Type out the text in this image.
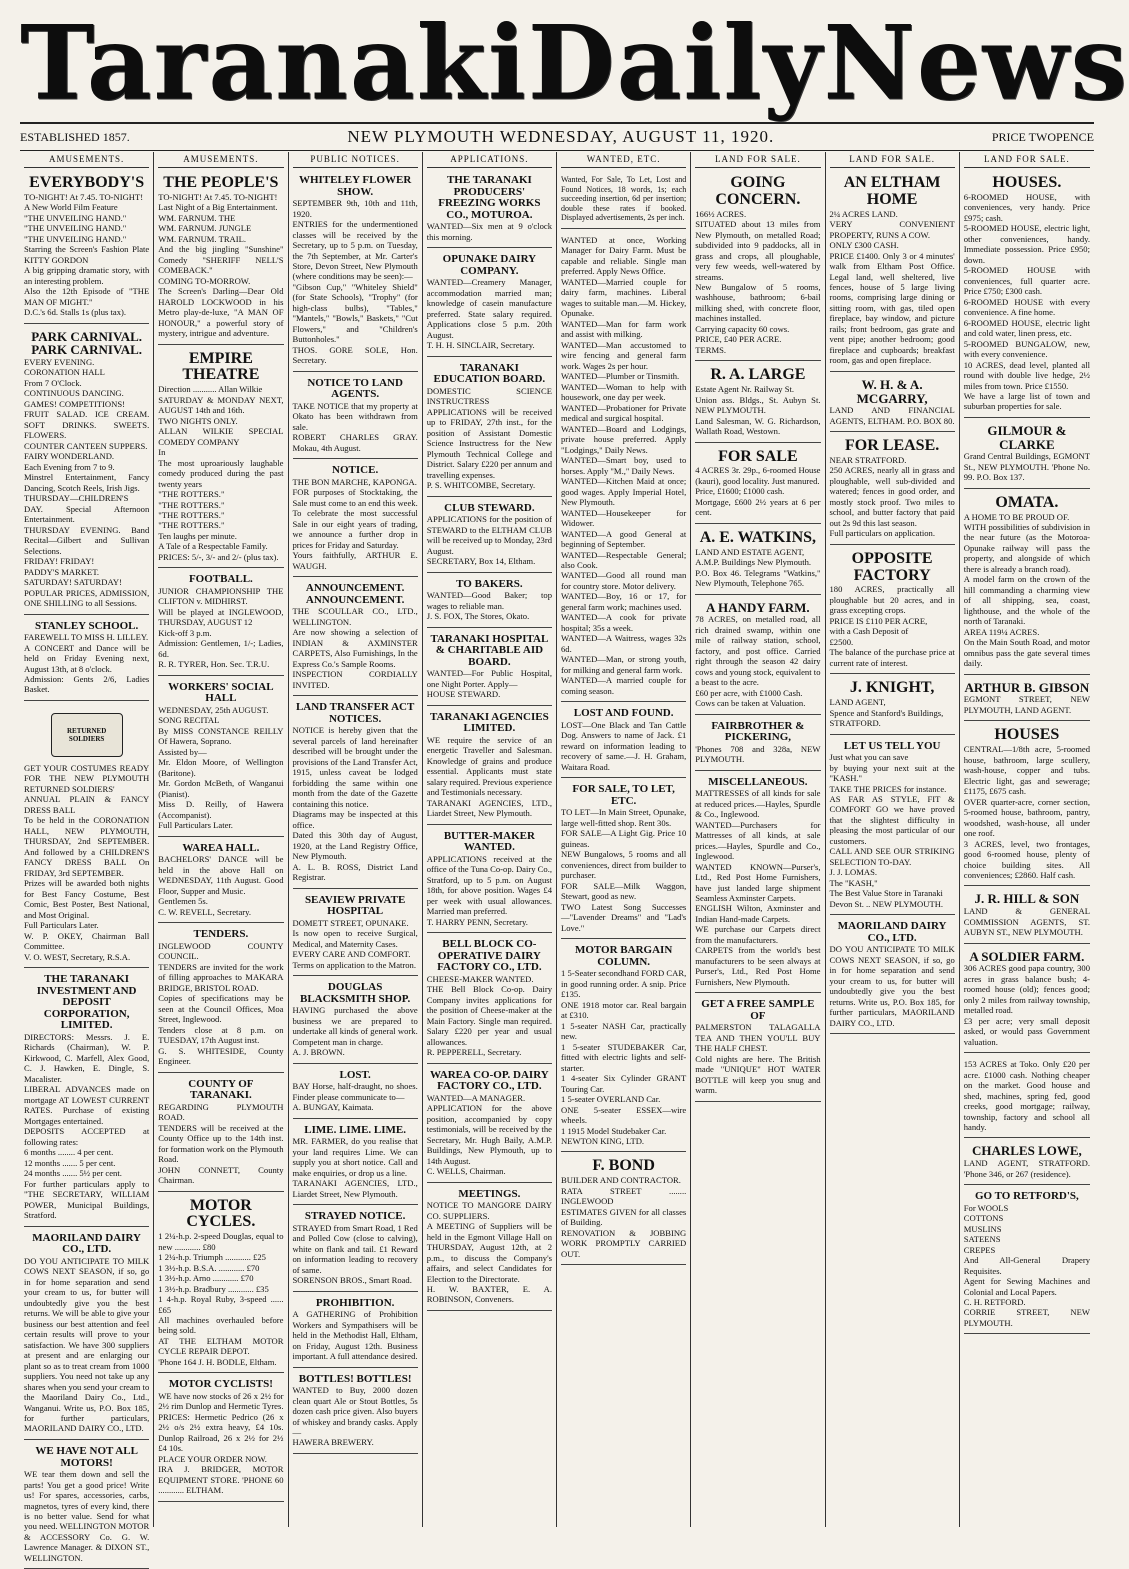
Taranaki Daily News
ESTABLISHED 1857.	NEW PLYMOUTH WEDNESDAY, AUGUST 11, 1920.	PRICE TWOPENCE
AMUSEMENTS.
EVERYBODY'S
TO-NIGHT! At 7.45. TO-NIGHT!
A New World Film Feature
"THE UNVEILING HAND."
"THE UNVEILING HAND."
"THE UNVEILING HAND."
Starring the Screen's Fashion Plate KITTY GORDON
A big gripping dramatic story, with an interesting problem.
Also the 12th Episode of "THE MAN OF MIGHT."
D.C.'s 6d. Stalls 1s (plus tax).
PARK CARNIVAL. PARK CARNIVAL.
EVERY EVENING.
CORONATION HALL
From 7 O'Clock.
CONTINUOUS DANCING.
GAMES! COMPETITIONS!
FRUIT SALAD. ICE CREAM. SOFT DRINKS. SWEETS. FLOWERS.
COUNTER CANTEEN SUPPERS.
FAIRY WONDERLAND.
Each Evening from 7 to 9.
Minstrel Entertainment, Fancy Dancing, Scotch Reels, Irish Jigs.
THURSDAY—CHILDREN'S DAY. Special Afternoon Entertainment.
THURSDAY EVENING. Band Recital—Gilbert and Sullivan Selections.
FRIDAY! FRIDAY!
PADDY'S MARKET.
SATURDAY! SATURDAY!
POPULAR PRICES, ADMISSION, ONE SHILLING to all Sessions.
STANLEY SCHOOL.
FAREWELL TO MISS H. LILLEY.
A CONCERT and Dance will be held on Friday Evening next, August 13th, at 8 o'clock.
Admission: Gents 2/6, Ladies Basket.
RETURNED SOLDIERS
GET YOUR COSTUMES READY FOR THE NEW PLYMOUTH RETURNED SOLDIERS'
ANNUAL PLAIN & FANCY DRESS BALL
To be held in the CORONATION HALL, NEW PLYMOUTH, THURSDAY, 2nd SEPTEMBER. And followed by a CHILDREN'S FANCY DRESS BALL On FRIDAY, 3rd SEPTEMBER.
Prizes will be awarded both nights for Best Fancy Costume, Best Comic, Best Poster, Best National, and Most Original.
Full Particulars Later.
W. P. OKEY, Chairman Ball Committee.
V. O. WEST, Secretary, R.S.A.
THE TARANAKI INVESTMENT AND DEPOSIT CORPORATION, LIMITED.
DIRECTORS: Messrs. J. E. Richards (Chairman), W. P. Kirkwood, C. Marfell, Alex Good, C. J. Hawken, E. Dingle, S. Macalister.
LIBERAL ADVANCES made on mortgage AT LOWEST CURRENT RATES. Purchase of existing Mortgages entertained.
DEPOSITS ACCEPTED at following rates:
6 months ........ 4 per cent.
12 months ....... 5 per cent.
24 months ....... 5½ per cent.
For further particulars apply to "THE SECRETARY, WILLIAM POWER, Municipal Buildings, Stratford.
MAORILAND DAIRY CO., LTD.
DO YOU ANTICIPATE TO MILK COWS NEXT SEASON, if so, go in for home separation and send your cream to us, for butter will undoubtedly give you the best returns. We will be able to give your business our best attention and feel certain results will prove to your satisfaction. We have 300 suppliers at present and are enlarging our plant so as to treat cream from 1000 suppliers. You need not take up any shares when you send your cream to the Maoriland Dairy Co., Ltd., Wanganui. Write us, P.O. Box 185, for further particulars, MAORILAND DAIRY CO., LTD.
WE HAVE NOT ALL MOTORS!
WE tear them down and sell the parts! You get a good price! Write us! For spares, accessories, carbs, magnetos, tyres of every kind, there is no better value. Send for what you need. WELLINGTON MOTOR & ACCESSORY Co. G. W. Lawrence Manager. & DIXON ST., WELLINGTON.
AMUSEMENTS.
THE PEOPLE'S
TO-NIGHT! At 7.45. TO-NIGHT!
Last Night of a Big Entertainment.
WM. FARNUM. THE
WM. FARNUM. JUNGLE
WM. FARNUM. TRAIL.
And the big jingling "Sunshine" Comedy "SHERIFF NELL'S COMEBACK."
COMING TO-MORROW.
The Screen's Darling—Dear Old HAROLD LOCKWOOD in his Metro play-de-luxe, "A MAN OF HONOUR," a powerful story of mystery, intrigue and adventure.
EMPIRE THEATRE
Direction ........... Allan Wilkie
SATURDAY & MONDAY NEXT, AUGUST 14th and 16th.
TWO NIGHTS ONLY.
ALLAN WILKIE SPECIAL COMEDY COMPANY
In
The most uproariously laughable comedy produced during the past twenty years
"THE ROTTERS."
"THE ROTTERS."
"THE ROTTERS."
"THE ROTTERS."
Ten laughs per minute.
A Tale of a Respectable Family.
PRICES: 5/-, 3/- and 2/- (plus tax).
FOOTBALL.
JUNIOR CHAMPIONSHIP THE CLIFTON v. MIDHIRST.
Will be played at INGLEWOOD, THURSDAY, AUGUST 12
Kick-off 3 p.m.
Admission: Gentlemen, 1/-; Ladies, 6d.
R. R. TYRER, Hon. Sec. T.R.U.
WORKERS' SOCIAL HALL
WEDNESDAY, 25th AUGUST.
SONG RECITAL
By MISS CONSTANCE REILLY Of Hawera, Soprano.
Assisted by—
Mr. Eldon Moore, of Wellington (Baritone).
Mr. Gordon McBeth, of Wanganui (Pianist).
Miss D. Reilly, of Hawera (Accompanist).
Full Particulars Later.
WAREA HALL.
BACHELORS' DANCE will be held in the above Hall on WEDNESDAY, 11th August. Good Floor, Supper and Music.
Gentlemen 5s.
C. W. REVELL, Secretary.
TENDERS.
INGLEWOOD COUNTY COUNCIL.
TENDERS are invited for the work of filling approaches to MAKARA BRIDGE, BRISTOL ROAD.
Copies of specifications may be seen at the Council Offices, Moa Street, Inglewood.
Tenders close at 8 p.m. on TUESDAY, 17th August inst.
G. S. WHITESIDE, County Engineer.
COUNTY OF TARANAKI.
REGARDING PLYMOUTH ROAD.
TENDERS will be received at the County Office up to the 14th inst. for formation work on the Plymouth Road.
JOHN CONNETT, County Chairman.
MOTOR CYCLES.
1 2¼-h.p. 2-speed Douglas, equal to new ............ £80
1 2¼-h.p. Triumph ............ £25
1 3½-h.p. B.S.A. ............ £70
1 3½-h.p. Arno ............ £70
1 3½-h.p. Bradbury ............ £35
1 4-h.p. Royal Ruby, 3-speed ...... £65
All machines overhauled before being sold.
AT THE ELTHAM MOTOR CYCLE REPAIR DEPOT.
'Phone 164 J. H. BODLE, Eltham.
MOTOR CYCLISTS!
WE have now stocks of 26 x 2½ for 2½ rim Dunlop and Hermetic Tyres. PRICES: Hermetic Pedrico (26 x 2½ o/s 2½ extra heavy, £4 10s. Dunlop Railroad, 26 x 2½ for 2½ £4 10s.
PLACE YOUR ORDER NOW.
IRA J. BRIDGER, MOTOR EQUIPMENT STORE. 'PHONE 60 ............ ELTHAM.
PUBLIC NOTICES.
WHITELEY FLOWER SHOW.
SEPTEMBER 9th, 10th and 11th, 1920.
ENTRIES for the undermentioned classes will be received by the Secretary, up to 5 p.m. on Tuesday, the 7th September, at Mr. Carter's Store, Devon Street, New Plymouth (where conditions may be seen):—
"Gibson Cup," "Whiteley Shield" (for State Schools), "Trophy" (for high-class bulbs), "Tables," "Mantels," "Bowls," Baskets," "Cut Flowers," and "Children's Buttonholes."
THOS. GORE SOLE, Hon. Secretary.
NOTICE TO LAND AGENTS.
TAKE NOTICE that my property at Okato has been withdrawn from sale.
ROBERT CHARLES GRAY. Mokau, 4th August.
NOTICE.
THE BON MARCHE, KAPONGA.
FOR purposes of Stocktaking, the Sale must come to an end this week. To celebrate the most successful Sale in our eight years of trading, we announce a further drop in prices for Friday and Saturday.
Yours faithfully, ARTHUR E. WAUGH.
ANNOUNCEMENT. ANNOUNCEMENT.
THE SCOULLAR CO., LTD., WELLINGTON.
Are now showing a selection of INDIAN & AXMINSTER CARPETS, Also Furnishings, In the Express Co.'s Sample Rooms.
INSPECTION CORDIALLY INVITED.
LAND TRANSFER ACT NOTICES.
NOTICE is hereby given that the several parcels of land hereinafter described will be brought under the provisions of the Land Transfer Act, 1915, unless caveat be lodged forbidding the same within one month from the date of the Gazette containing this notice.
Diagrams may be inspected at this office.
Dated this 30th day of August, 1920, at the Land Registry Office, New Plymouth.
A. L. B. ROSS, District Land Registrar.
SEAVIEW PRIVATE HOSPITAL
DOMETT STREET, OPUNAKE.
Is now open to receive Surgical, Medical, and Maternity Cases.
EVERY CARE AND COMFORT.
Terms on application to the Matron.
DOUGLAS BLACKSMITH SHOP.
HAVING purchased the above business we are prepared to undertake all kinds of general work. Competent man in charge.
A. J. BROWN.
LOST.
BAY Horse, half-draught, no shoes. Finder please communicate to—
A. BUNGAY, Kaimata.
LIME. LIME. LIME.
MR. FARMER, do you realise that your land requires Lime. We can supply you at short notice. Call and make enquiries, or drop us a line.
TARANAKI AGENCIES, LTD., Liardet Street, New Plymouth.
STRAYED NOTICE.
STRAYED from Smart Road, 1 Red and Polled Cow (close to calving), white on flank and tail. £1 Reward on information leading to recovery of same.
SORENSON BROS., Smart Road.
PROHIBITION.
A GATHERING of Prohibition Workers and Sympathisers will be held in the Methodist Hall, Eltham, on Friday, August 12th. Business important. A full attendance desired.
BOTTLES! BOTTLES!
WANTED to Buy, 2000 dozen clean quart Ale or Stout Bottles, 5s dozen cash price given. Also buyers of whiskey and brandy casks. Apply—
HAWERA BREWERY.
APPLICATIONS.
THE TARANAKI PRODUCERS' FREEZING WORKS CO., MOTUROA.
WANTED—Six men at 9 o'clock this morning.
OPUNAKE DAIRY COMPANY.
WANTED—Creamery Manager, accommodation married man; knowledge of casein manufacture preferred. State salary required. Applications close 5 p.m. 20th August.
T. H. H. SINCLAIR, Secretary.
TARANAKI EDUCATION BOARD.
DOMESTIC SCIENCE INSTRUCTRESS
APPLICATIONS will be received up to FRIDAY, 27th inst., for the position of Assistant Domestic Science Instructress for the New Plymouth Technical College and District. Salary £220 per annum and travelling expenses.
P. S. WHITCOMBE, Secretary.
CLUB STEWARD.
APPLICATIONS for the position of STEWARD to the ELTHAM CLUB will be received up to Monday, 23rd August.
SECRETARY, Box 14, Eltham.
TO BAKERS.
WANTED—Good Baker; top wages to reliable man.
J. S. FOX, The Stores, Okato.
TARANAKI HOSPITAL & CHARITABLE AID BOARD.
WANTED—For Public Hospital, one Night Porter. Apply—
HOUSE STEWARD.
TARANAKI AGENCIES LIMITED.
WE require the service of an energetic Traveller and Salesman. Knowledge of grains and produce essential. Applicants must state salary required. Previous experience and Testimonials necessary.
TARANAKI AGENCIES, LTD., Liardet Street, New Plymouth.
BUTTER-MAKER WANTED.
APPLICATIONS received at the office of the Tuna Co-op. Dairy Co., Stratford, up to 5 p.m. on August 18th, for above position. Wages £4 per week with usual allowances. Married man preferred.
T. HARRY PENN, Secretary.
BELL BLOCK CO-OPERATIVE DAIRY FACTORY CO., LTD.
CHEESE-MAKER WANTED.
THE Bell Block Co-op. Dairy Company invites applications for the position of Cheese-maker at the Main Factory. Single man required. Salary £220 per year and usual allowances.
R. PEPPERELL, Secretary.
WAREA CO-OP. DAIRY FACTORY CO., LTD.
WANTED—A MANAGER.
APPLICATION for the above position, accompanied by copy testimonials, will be received by the Secretary, Mr. Hugh Baily, A.M.P. Buildings, New Plymouth, up to 14th August.
C. WELLS, Chairman.
MEETINGS.
NOTICE TO MANGORE DAIRY CO. SUPPLIERS.
A MEETING of Suppliers will be held in the Egmont Village Hall on THURSDAY, August 12th, at 2 p.m., to discuss the Company's affairs, and select Candidates for Election to the Directorate.
H. W. BAXTER, E. A. ROBINSON, Conveners.
WANTED, ETC.
Wanted, For Sale, To Let, Lost and Found Notices, 18 words, 1s; each succeeding insertion, 6d per insertion; double these rates if booked. Displayed advertisements, 2s per inch.
WANTED at once, Working Manager for Dairy Farm. Must be capable and reliable. Single man preferred. Apply News Office.
WANTED—Married couple for dairy farm, machines. Liberal wages to suitable man.—M. Hickey, Opunake.
WANTED—Man for farm work and assist with milking.
WANTED—Man accustomed to wire fencing and general farm work. Wages 2s per hour.
WANTED—Plumber or Tinsmith.
WANTED—Woman to help with housework, one day per week.
WANTED—Probationer for Private medical and surgical hospital.
WANTED—Board and Lodgings, private house preferred. Apply "Lodgings," Daily News.
WANTED—Smart boy, used to horses. Apply "M.," Daily News.
WANTED—Kitchen Maid at once; good wages. Apply Imperial Hotel, New Plymouth.
WANTED—Housekeeper for Widower.
WANTED—A good General at beginning of September.
WANTED—Respectable General; also Cook.
WANTED—Good all round man for country store. Motor delivery.
WANTED—Boy, 16 or 17, for general farm work; machines used.
WANTED—A cook for private hospital; 35s a week.
WANTED—A Waitress, wages 32s 6d.
WANTED—Man, or strong youth, for milking and general farm work.
WANTED—A married couple for coming season.
LOST AND FOUND.
LOST—One Black and Tan Cattle Dog. Answers to name of Jack. £1 reward on information leading to recovery of same.—J. H. Graham, Waitara Road.
FOR SALE, TO LET, ETC.
TO LET—In Main Street, Opunake, large well-fitted shop. Rent 30s.
FOR SALE—A Light Gig. Price 10 guineas.
NEW Bungalows, 5 rooms and all conveniences, direct from builder to purchaser.
FOR SALE—Milk Waggon, Stewart, good as new.
TWO Latest Song Successes—"Lavender Dreams" and "Lad's Love."
MOTOR BARGAIN COLUMN.
1 5-Seater secondhand FORD CAR, in good running order. A snip. Price £135.
ONE 1918 motor car. Real bargain at £310.
1 5-seater NASH Car, practically new.
1 5-seater STUDEBAKER Car, fitted with electric lights and self-starter.
1 4-seater Six Cylinder GRANT Touring Car.
1 5-seater OVERLAND Car.
ONE 5-seater ESSEX—wire wheels.
1 1915 Model Studebaker Car.
NEWTON KING, LTD.
F. BOND
BUILDER AND CONTRACTOR.
RATA STREET ........ INGLEWOOD
ESTIMATES GIVEN for all classes of Building.
RENOVATION & JOBBING WORK PROMPTLY CARRIED OUT.
LAND FOR SALE.
GOING CONCERN.
166½ ACRES.
SITUATED about 13 miles from New Plymouth, on metalled Road; subdivided into 9 paddocks, all in grass and crops, all ploughable, very few weeds, well-watered by streams.
New Bungalow of 5 rooms, washhouse, bathroom; 6-bail milking shed, with concrete floor, machines installed.
Carrying capacity 60 cows.
PRICE, £40 PER ACRE.
TERMS.
R. A. LARGE
Estate Agent Nr. Railway St.
Union ass. Bldgs., St. Aubyn St. NEW PLYMOUTH.
Land Salesman, W. G. Richardson, Wallath Road, Westown.
FOR SALE
4 ACRES 3r. 29p., 6-roomed House (kauri), good locality. Just manured.
Price, £1600; £1000 cash.
Mortgage, £600 2½ years at 6 per cent.
A. E. WATKINS,
LAND AND ESTATE AGENT,
A.M.P. Buildings New Plymouth.
P.O. Box 46. Telegrams "Watkins," New Plymouth, Telephone 765.
A HANDY FARM.
78 ACRES, on metalled road, all rich drained swamp, within one mile of railway station, school, factory, and post office. Carried right through the season 42 dairy cows and young stock, equivalent to a beast to the acre.
£60 per acre, with £1000 Cash.
Cows can be taken at Valuation.
FAIRBROTHER & PICKERING,
'Phones 708 and 328a, NEW PLYMOUTH.
MISCELLANEOUS.
MATTRESSES of all kinds for sale at reduced prices.—Hayles, Spurdle & Co., Inglewood.
WANTED—Purchasers for Mattresses of all kinds, at sale prices.—Hayles, Spurdle and Co., Inglewood.
WANTED KNOWN—Purser's, Ltd., Red Post Home Furnishers, have just landed large shipment Seamless Axminster Carpets.
ENGLISH Wilton, Axminster and Indian Hand-made Carpets.
WE purchase our Carpets direct from the manufacturers.
CARPETS from the world's best manufacturers to be seen always at Purser's, Ltd., Red Post Home Furnishers, New Plymouth.
GET A FREE SAMPLE OF
PALMERSTON TALAGALLA TEA AND THEN YOU'LL BUY THE HALF CHEST.
Cold nights are here. The British made "UNIQUE" HOT WATER BOTTLE will keep you snug and warm.
LAND FOR SALE.
AN ELTHAM HOME
2¼ ACRES LAND.
VERY CONVENIENT PROPERTY, RUNS A COW.
ONLY £300 CASH.
PRICE £1400. Only 3 or 4 minutes' walk from Eltham Post Office. Legal land, well sheltered, live fences, house of 5 large living rooms, comprising large dining or sitting room, with gas, tiled open fireplace, bay window, and picture rails; front bedroom, gas grate and vent pipe; another bedroom; good fireplace and cupboards; breakfast room, gas and open fireplace.
W. H. & A. MCGARRY,
LAND AND FINANCIAL AGENTS, ELTHAM. P.O. BOX 80.
FOR LEASE.
NEAR STRATFORD.
250 ACRES, nearly all in grass and ploughable, well sub-divided and watered; fences in good order, and mostly stock proof. Two miles to school, and butter factory that paid out 2s 9d this last season.
Full particulars on application.
OPPOSITE FACTORY
180 ACRES, practically all ploughable but 20 acres, and in grass excepting crops.
PRICE IS £110 PER ACRE,
with a Cash Deposit of
£2500.
The balance of the purchase price at current rate of interest.
J. KNIGHT,
LAND AGENT,
Spence and Stanford's Buildings,
STRATFORD.
LET US TELL YOU
Just what you can save
by buying your next suit at the "KASH."
TAKE THE PRICES for instance.
AS FAR AS STYLE, FIT & COMFORT GO we have proved that the slightest difficulty in pleasing the most particular of our customers.
CALL AND SEE OUR STRIKING SELECTION TO-DAY.
J. J. LOMAS.
The "KASH,"
The Best Value Store in Taranaki
Devon St. .. NEW PLYMOUTH.
MAORILAND DAIRY CO., LTD.
DO YOU ANTICIPATE TO MILK COWS NEXT SEASON, if so, go in for home separation and send your cream to us, for butter will undoubtedly give you the best returns. Write us, P.O. Box 185, for further particulars, MAORILAND DAIRY CO., LTD.
LAND FOR SALE.
HOUSES.
6-ROOMED HOUSE, with conveniences, very handy. Price £975; cash.
5-ROOMED HOUSE, electric light, other conveniences, handy. Immediate possession. Price £950; down.
5-ROOMED HOUSE with conveniences, full quarter acre. Price £750; £300 cash.
6-ROOMED HOUSE with every convenience. A fine home.
6-ROOMED HOUSE, electric light and cold water, linen press, etc.
5-ROOMED BUNGALOW, new, with every convenience.
10 ACRES, dead level, planted all round with double live hedge, 2½ miles from town. Price £1550.
We have a large list of town and suburban properties for sale.
GILMOUR & CLARKE
Grand Central Buildings, EGMONT St., NEW PLYMOUTH. 'Phone No. 99. P.O. Box 137.
OMATA.
A HOME TO BE PROUD OF.
WITH possibilities of subdivision in the near future (as the Motoroa-Opunake railway will pass the property, and alongside of which there is already a branch road).
A model farm on the crown of the hill commanding a charming view of all shipping, sea, coast, lighthouse, and the whole of the north of Taranaki.
AREA 119¼ ACRES.
On the Main South Road, and motor omnibus pass the gate several times daily.
ARTHUR B. GIBSON
EGMONT STREET, NEW PLYMOUTH, LAND AGENT.
HOUSES
CENTRAL—1/8th acre, 5-roomed house, bathroom, large scullery, wash-house, copper and tubs. Electric light, gas and sewerage; £1175, £675 cash.
OVER quarter-acre, corner section, 5-roomed house, bathroom, pantry, woodshed, wash-house, all under one roof.
3 ACRES, level, two frontages, good 6-roomed house, plenty of choice building sites. All conveniences; £2860. Half cash.
J. R. HILL & SON
LAND & GENERAL COMMISSION AGENTS, ST. AUBYN ST., NEW PLYMOUTH.
A SOLDIER FARM.
306 ACRES good papa country, 300 acres in grass balance bush; 4-roomed house (old); fences good; only 2 miles from railway township, metalled road.
£3 per acre; very small deposit asked, or would pass Government valuation.
153 ACRES at Toko. Only £20 per acre. £1000 cash. Nothing cheaper on the market. Good house and shed, machines, spring fed, good creeks, good mortgage; railway, township, factory and school all handy.
CHARLES LOWE,
LAND AGENT, STRATFORD. 'Phone 346, or 267 (residence).
GO TO RETFORD'S,
For WOOLS
COTTONS
MUSLINS
SATEENS
CREPES
And All-General Drapery Requisites.
Agent for Sewing Machines and Colonial and Local Papers.
C. H. RETFORD.
CORRIE STREET, NEW PLYMOUTH.
